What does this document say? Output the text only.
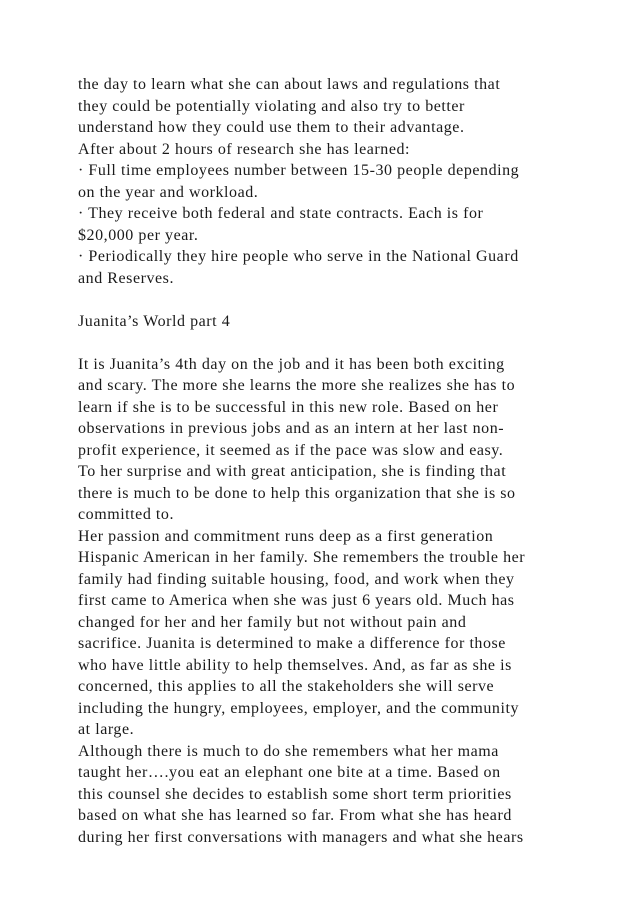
the day to learn what she can about laws and regulations that
they could be potentially violating and also try to better
understand how they could use them to their advantage.
After about 2 hours of research she has learned:
· Full time employees number between 15-30 people depending
on the year and workload.
· They receive both federal and state contracts. Each is for
$20,000 per year.
· Periodically they hire people who serve in the National Guard
and Reserves.
Juanita’s World part 4
It is Juanita’s 4th day on the job and it has been both exciting
and scary. The more she learns the more she realizes she has to
learn if she is to be successful in this new role. Based on her
observations in previous jobs and as an intern at her last non-
profit experience, it seemed as if the pace was slow and easy.
To her surprise and with great anticipation, she is finding that
there is much to be done to help this organization that she is so
committed to.
Her passion and commitment runs deep as a first generation
Hispanic American in her family. She remembers the trouble her
family had finding suitable housing, food, and work when they
first came to America when she was just 6 years old. Much has
changed for her and her family but not without pain and
sacrifice. Juanita is determined to make a difference for those
who have little ability to help themselves. And, as far as she is
concerned, this applies to all the stakeholders she will serve
including the hungry, employees, employer, and the community
at large.
Although there is much to do she remembers what her mama
taught her….you eat an elephant one bite at a time. Based on
this counsel she decides to establish some short term priorities
based on what she has learned so far. From what she has heard
during her first conversations with managers and what she hears
